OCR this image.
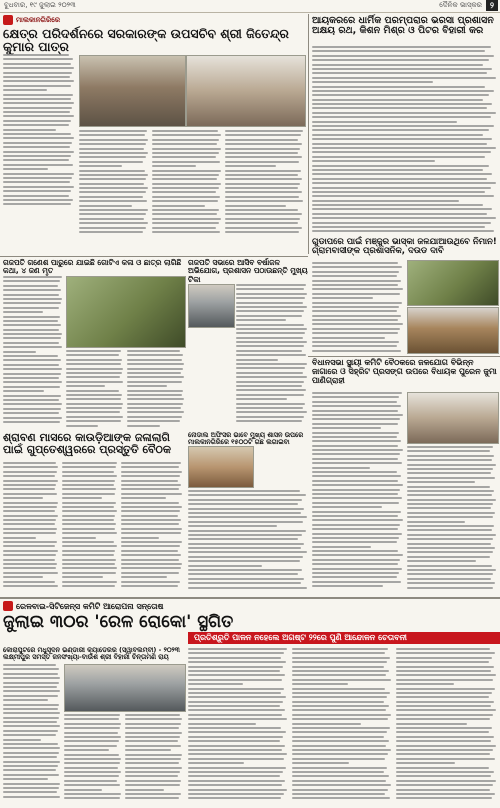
ବୁଧବାର, ୧୯ ଜୁଲାଇ ୨୦୨୩	ଦୈନିକ ଭାସ୍କର	୨
ମାଲକାନଗିରିରେ
କ୍ଷେତ୍ର ପରିଦର୍ଶନରେ ସରକାରଙ୍କ ଉପସଚିବ ଶ୍ରୀ ଜିତେନ୍ଦ୍ର କୁମାର ପାତ୍ର
ଆୟକରରେ ଧାର୍ମିକ ପରମ୍ପରାର ଭରସା ପ୍ରଶାସନ ଅକ୍ଷୟ ରଥ, କିଶନ ମିଶ୍ର ଓ ପିଟର ବିହାରୀ କର
ଗୁଡାପରେ ପାଇଁ ମଞ୍ଜୁର ଭାସ୍କା ଜଳଯାଆଉଥିବେ ନିମାନ! ଗ୍ରାମବାସୀଙ୍କ ପ୍ରଶାସନିକ, ଦଉଡ ଦାବି
ଗଜପତି ଗଣେଶ ପାରୁରେ ଯାଇଛି ଗୋଟିଏ କଳା ଓ ଛାତ୍ର ଲାଗିଛି କଥା, ୪ ଜଣ ମୃତ
ଗଜପତି ସଭାରେ ଆସିବ ବର୍ଷାଜଳ ଅଭିଯୋଗ, ପ୍ରଶାସନ ପଠାଉଛନ୍ତି ମୁଖ୍ୟ ଟିକା
ଶ୍ରାବଣ ମାସରେ କାଉଡ଼ିଆଙ୍କ ଜଳାଲାଗି ପାଇଁ ଗୁପ୍ତେଶ୍ୱରରେ ପ୍ରସ୍ତୁତି ବୈଠକ
ନୋଡାଲ ଅଫିସର ଭାବେ ମୁଖ୍ୟ ଶାସନ ଉପରେ ମାଲକାନଗିରିରେ ୧୫୦୦ଟି ଗଛ ଲଗାଇବା
ବିଧାନସଭା ସ୍ଥାୟୀ କମିଟି ବୈଠକରେ ଜଳଯୋଗ ବିଭିନ୍ନ ଜାଗାରେ ଓ ସିହ୍ରିଟ ପ୍ରସଙ୍ଗ ଉପରେ ବିଧାୟକ ପୁରେନ ଜୁମା ପାଣିଗ୍ରାହୀ
ରେଳବାଇ-ସିଟିଜେନ୍ସ କମିଟି ଆରୋପନା ସନ୍ତୋଷ
ଜୁଲାଇ ୩୦ର 'ରେଳ ରୋକୋ' ସ୍ଥଗିତ
ପ୍ରତିଶ୍ରୁତି ପାଳନ ନହେଲେ ଅଗଷ୍ଟ ୨୨ରେ ପୁଣି ଆନ୍ଦୋଳନ ଚେତାବନୀ
କୋରାପୁଟରେ ମଧୁସୂଦନ ଭଣ୍ଡାରୀ କ୍ୟାଡେରର (ସ୍ୱାବଲମ୍ବୀ) - ୨୦୨୩ ଲକ୍ଷ୍ମୀପୁର ସମସ୍ତ ଜନସଂଖ୍ୟା-ବାଉଁଶ ଶ୍ରୀ ବିହାରୀ ଚିନ୍ତାମଣି ରାୟ
